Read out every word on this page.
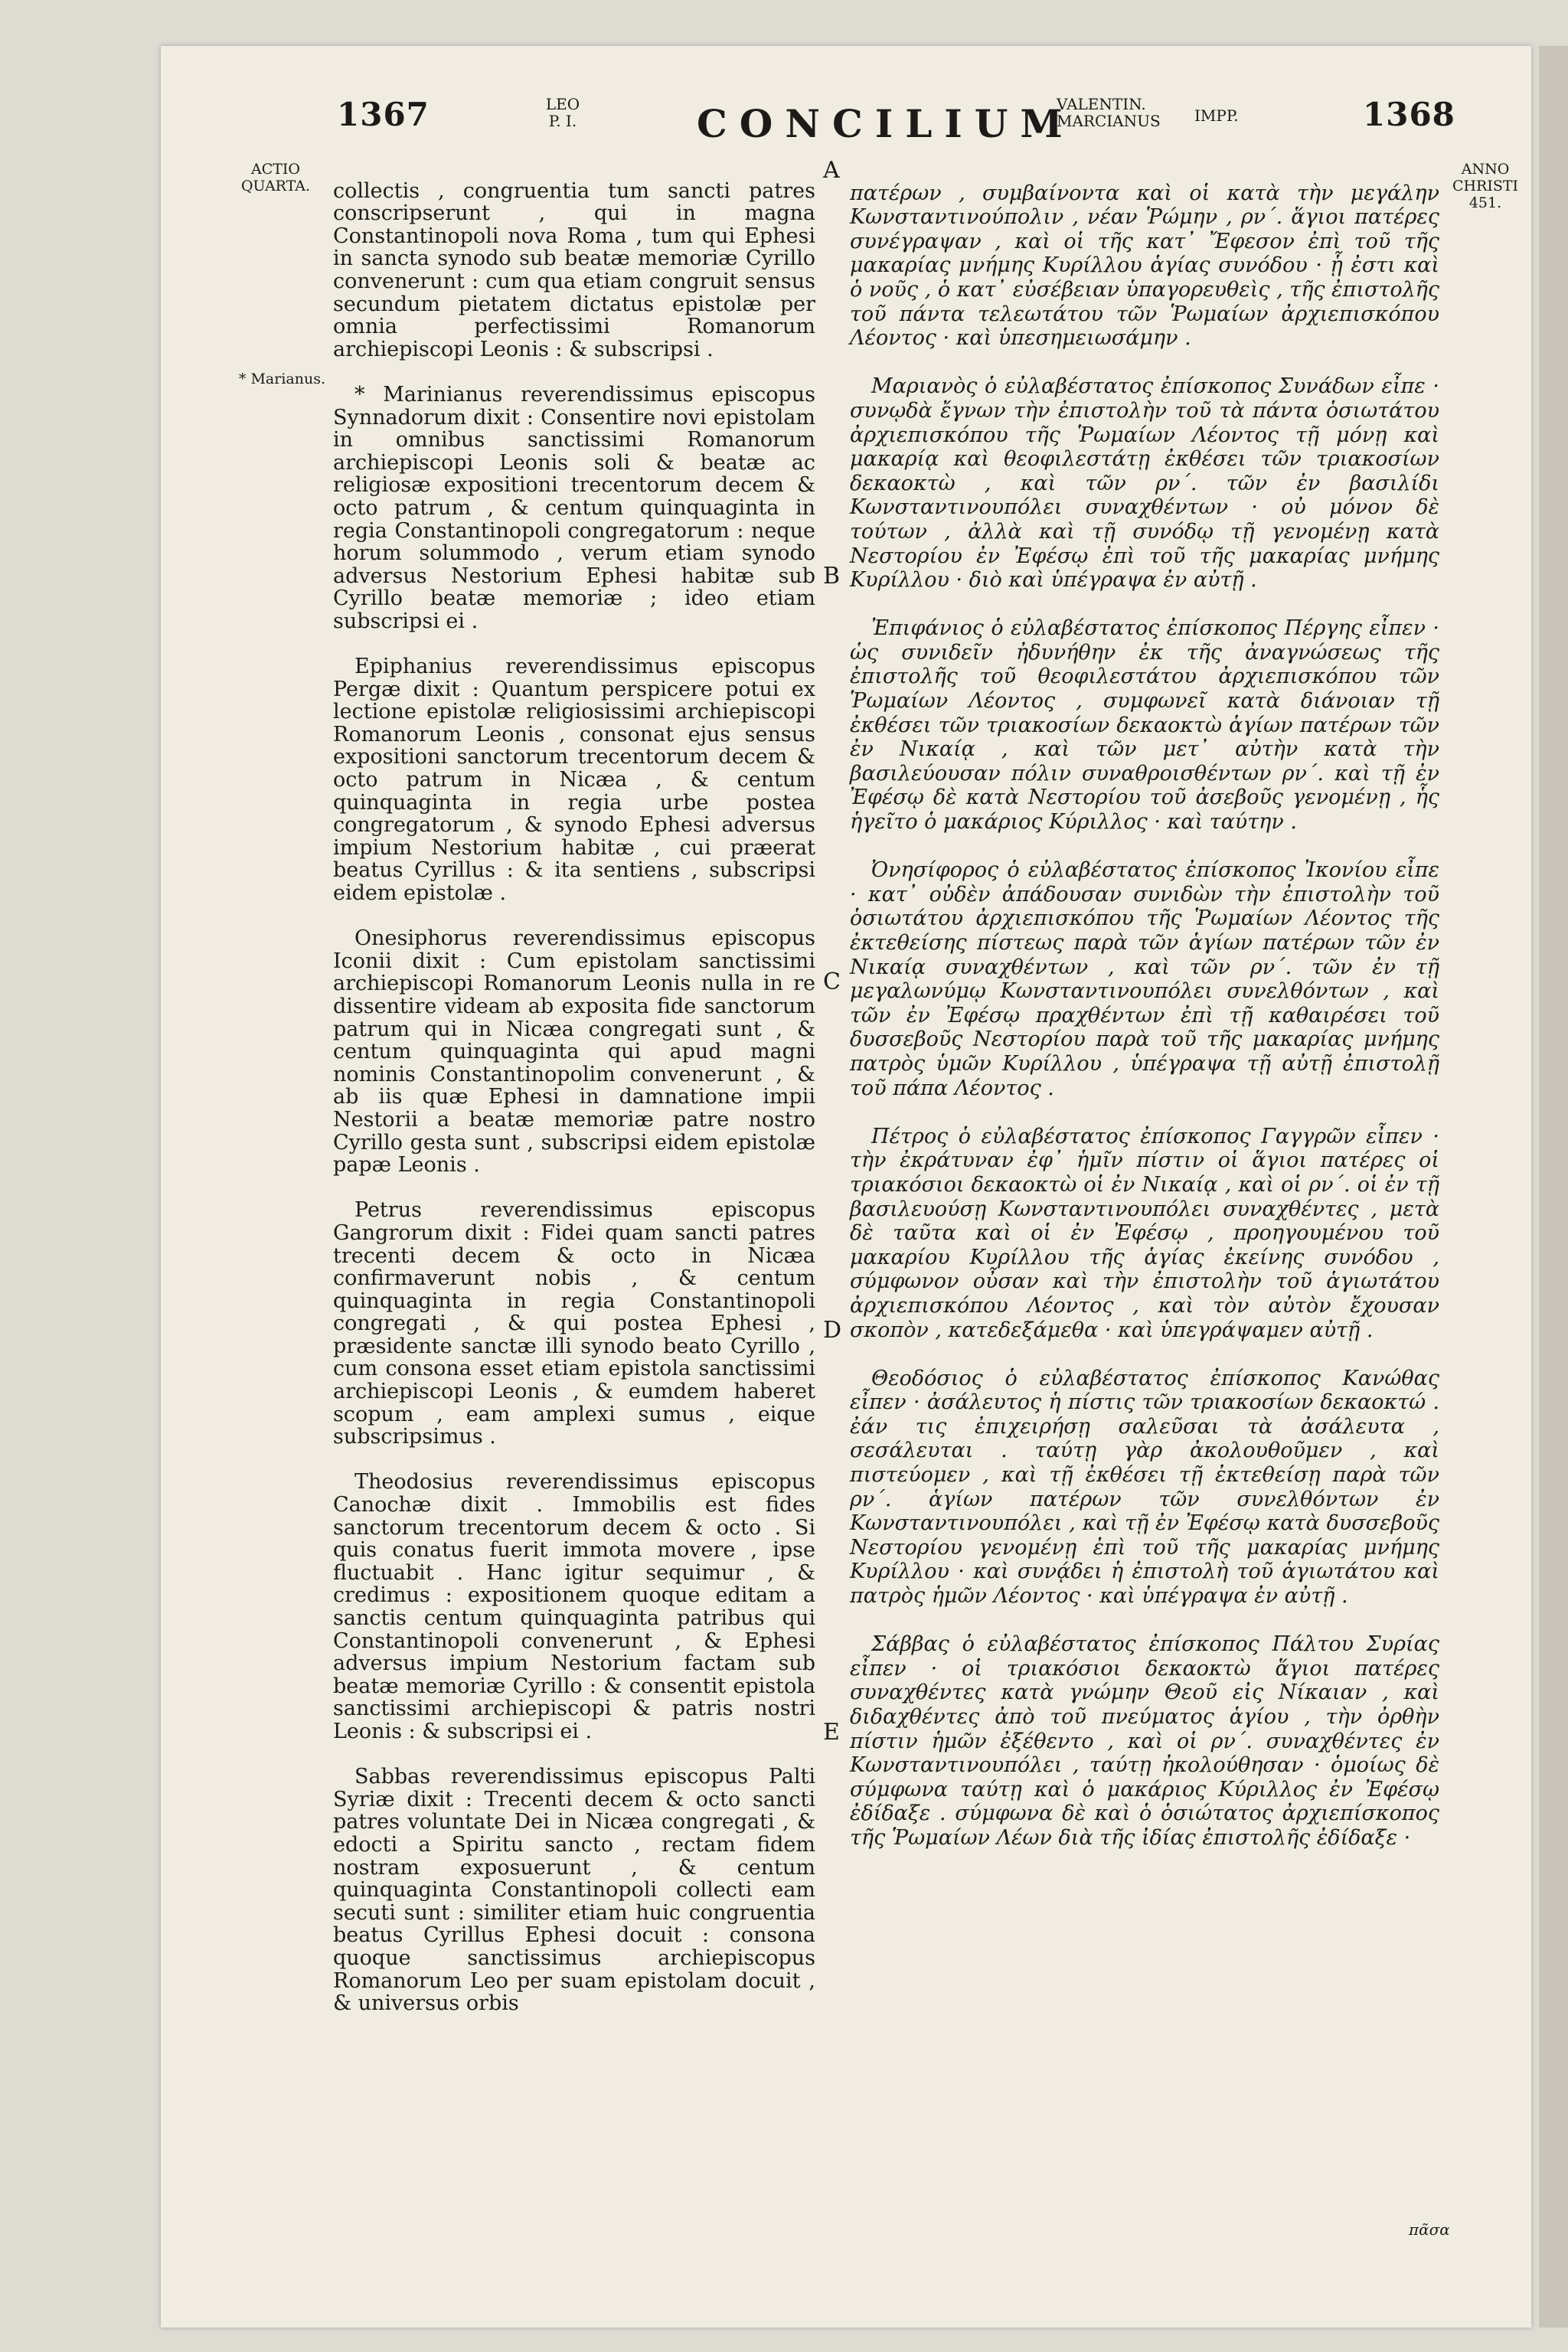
1367	LEO
P. I.	CONCILIUM
VALENTIN.
MARCIANUS	IMPP.	1368
ACTIO
QUARTA.
* Marianus.
ANNO
CHRISTI
451.
A
B
C
D
E

collectis , congruentia tum sancti patres conscripserunt , qui in magna Constantinopoli nova Roma , tum qui Ephesi in sancta synodo sub beatæ memoriæ Cyrillo convenerunt : cum qua etiam congruit sensus secundum pietatem dictatus epistolæ per omnia perfectissimi Romanorum archiepiscopi Leonis : & subscripsi .

* Marinianus reverendissimus episcopus Synnadorum dixit : Consentire novi epistolam in omnibus sanctissimi Romanorum archiepiscopi Leonis soli & beatæ ac religiosæ expositioni trecentorum decem & octo patrum , & centum quinquaginta in regia Constantinopoli congregatorum : neque horum solummodo , verum etiam synodo adversus Nestorium Ephesi habitæ sub Cyrillo beatæ memoriæ ; ideo etiam subscripsi ei .

Epiphanius reverendissimus episcopus Pergæ dixit : Quantum perspicere potui ex lectione epistolæ religiosissimi archiepiscopi Romanorum Leonis , consonat ejus sensus expositioni sanctorum trecentorum decem & octo patrum in Nicæa , & centum quinquaginta in regia urbe postea congregatorum , & synodo Ephesi adversus impium Nestorium habitæ , cui præerat beatus Cyrillus : & ita sentiens , subscripsi eidem epistolæ .

Onesiphorus reverendissimus episcopus Iconii dixit : Cum epistolam sanctissimi archiepiscopi Romanorum Leonis nulla in re dissentire videam ab exposita fide sanctorum patrum qui in Nicæa congregati sunt , & centum quinquaginta qui apud magni nominis Constantinopolim convenerunt , & ab iis quæ Ephesi in damnatione impii Nestorii a beatæ memoriæ patre nostro Cyrillo gesta sunt , subscripsi eidem epistolæ papæ Leonis .

Petrus reverendissimus episcopus Gangrorum dixit : Fidei quam sancti patres trecenti decem & octo in Nicæa confirmaverunt nobis , & centum quinquaginta in regia Constantinopoli congregati , & qui postea Ephesi , præsidente sanctæ illi synodo beato Cyrillo , cum consona esset etiam epistola sanctissimi archiepiscopi Leonis , & eumdem haberet scopum , eam amplexi sumus , eique subscripsimus .

Theodosius reverendissimus episcopus Canochæ dixit . Immobilis est fides sanctorum trecentorum decem & octo . Si quis conatus fuerit immota movere , ipse fluctuabit . Hanc igitur sequimur , & credimus : expositionem quoque editam a sanctis centum quinquaginta patribus qui Constantinopoli convenerunt , & Ephesi adversus impium Nestorium factam sub beatæ memoriæ Cyrillo : & consentit epistola sanctissimi archiepiscopi & patris nostri Leonis : & subscripsi ei .

Sabbas reverendissimus episcopus Palti Syriæ dixit : Trecenti decem & octo sancti patres voluntate Dei in Nicæa congregati , & edocti a Spiritu sancto , rectam fidem nostram exposuerunt , & centum quinquaginta Constantinopoli collecti eam secuti sunt : similiter etiam huic congruentia beatus Cyrillus Ephesi docuit : consona quoque sanctissimus archiepiscopus Romanorum Leo per suam epistolam docuit , & universus orbis

πατέρων , συμβαίνοντα καὶ οἱ κατὰ τὴν μεγάλην Κωνσταντινούπολιν , νέαν Ῥώμην , ρν΄. ἅγιοι πατέρες συνέγραψαν , καὶ οἱ τῆς κατ᾽ Ἔφεσον ἐπὶ τοῦ τῆς μακαρίας μνήμης Κυρίλλου ἁγίας συνόδου · ᾗ ἐστι καὶ ὁ νοῦς , ὁ κατ᾽ εὐσέβειαν ὑπαγορευθεὶς , τῆς ἐπιστολῆς τοῦ πάντα τελεωτάτου τῶν Ῥωμαίων ἀρχιεπισκόπου Λέοντος · καὶ ὑπεσημειωσάμην .

Μαριανὸς ὁ εὐλαβέστατος ἐπίσκοπος Συνάδων εἶπε · συνῳδὰ ἔγνων τὴν ἐπιστολὴν τοῦ τὰ πάντα ὁσιωτάτου ἀρχιεπισκόπου τῆς Ῥωμαίων Λέοντος τῇ μόνῃ καὶ μακαρίᾳ καὶ θεοφιλεστάτῃ ἐκθέσει τῶν τριακοσίων δεκαοκτὼ , καὶ τῶν ρν΄. τῶν ἐν βασιλίδι Κωνσταντινουπόλει συναχθέντων · οὐ μόνον δὲ τούτων , ἀλλὰ καὶ τῇ συνόδῳ τῇ γενομένῃ κατὰ Νεστορίου ἐν Ἐφέσῳ ἐπὶ τοῦ τῆς μακαρίας μνήμης Κυρίλλου · διὸ καὶ ὑπέγραψα ἐν αὐτῇ .

Ἐπιφάνιος ὁ εὐλαβέστατος ἐπίσκοπος Πέργης εἶπεν · ὡς συνιδεῖν ἠδυνήθην ἐκ τῆς ἀναγνώσεως τῆς ἐπιστολῆς τοῦ θεοφιλεστάτου ἀρχιεπισκόπου τῶν Ῥωμαίων Λέοντος , συμφωνεῖ κατὰ διάνοιαν τῇ ἐκθέσει τῶν τριακοσίων δεκαοκτὼ ἁγίων πατέρων τῶν ἐν Νικαίᾳ , καὶ τῶν μετ᾽ αὐτὴν κατὰ τὴν βασιλεύουσαν πόλιν συναθροισθέντων ρν΄. καὶ τῇ ἐν Ἐφέσῳ δὲ κατὰ Νεστορίου τοῦ ἀσεβοῦς γενομένῃ , ἧς ἡγεῖτο ὁ μακάριος Κύριλλος · καὶ ταύτην .

Ὀνησίφορος ὁ εὐλαβέστατος ἐπίσκοπος Ἰκονίου εἶπε · κατ᾽ οὐδὲν ἀπάδουσαν συνιδὼν τὴν ἐπιστολὴν τοῦ ὁσιωτάτου ἀρχιεπισκόπου τῆς Ῥωμαίων Λέοντος τῆς ἐκτεθείσης πίστεως παρὰ τῶν ἁγίων πατέρων τῶν ἐν Νικαίᾳ συναχθέντων , καὶ τῶν ρν΄. τῶν ἐν τῇ μεγαλωνύμῳ Κωνσταντινουπόλει συνελθόντων , καὶ τῶν ἐν Ἐφέσῳ πραχθέντων ἐπὶ τῇ καθαιρέσει τοῦ δυσσεβοῦς Νεστορίου παρὰ τοῦ τῆς μακαρίας μνήμης πατρὸς ὑμῶν Κυρίλλου , ὑπέγραψα τῇ αὐτῇ ἐπιστολῇ τοῦ πάπα Λέοντος .

Πέτρος ὁ εὐλαβέστατος ἐπίσκοπος Γαγγρῶν εἶπεν · τὴν ἐκράτυναν ἐφ᾽ ἡμῖν πίστιν οἱ ἅγιοι πατέρες οἱ τριακόσιοι δεκαοκτὼ οἱ ἐν Νικαίᾳ , καὶ οἱ ρν΄. οἱ ἐν τῇ βασιλευούσῃ Κωνσταντινουπόλει συναχθέντες , μετὰ δὲ ταῦτα καὶ οἱ ἐν Ἐφέσῳ , προηγουμένου τοῦ μακαρίου Κυρίλλου τῆς ἁγίας ἐκείνης συνόδου , σύμφωνον οὖσαν καὶ τὴν ἐπιστολὴν τοῦ ἁγιωτάτου ἀρχιεπισκόπου Λέοντος , καὶ τὸν αὐτὸν ἔχουσαν σκοπὸν , κατεδεξάμεθα · καὶ ὑπεγράψαμεν αὐτῇ .

Θεοδόσιος ὁ εὐλαβέστατος ἐπίσκοπος Κανώθας εἶπεν · ἀσάλευτος ἡ πίστις τῶν τριακοσίων δεκαοκτώ . ἐάν τις ἐπιχειρήσῃ σαλεῦσαι τὰ ἀσάλευτα , σεσάλευται . ταύτῃ γὰρ ἀκολουθοῦμεν , καὶ πιστεύομεν , καὶ τῇ ἐκθέσει τῇ ἐκτεθείσῃ παρὰ τῶν ρν΄. ἁγίων πατέρων τῶν συνελθόντων ἐν Κωνσταντινουπόλει , καὶ τῇ ἐν Ἐφέσῳ κατὰ δυσσεβοῦς Νεστορίου γενομένῃ ἐπὶ τοῦ τῆς μακαρίας μνήμης Κυρίλλου · καὶ συνᾴδει ἡ ἐπιστολὴ τοῦ ἁγιωτάτου καὶ πατρὸς ἡμῶν Λέοντος · καὶ ὑπέγραψα ἐν αὐτῇ .

Σάββας ὁ εὐλαβέστατος ἐπίσκοπος Πάλτου Συρίας εἶπεν · οἱ τριακόσιοι δεκαοκτὼ ἅγιοι πατέρες συναχθέντες κατὰ γνώμην Θεοῦ εἰς Νίκαιαν , καὶ διδαχθέντες ἀπὸ τοῦ πνεύματος ἁγίου , τὴν ὀρθὴν πίστιν ἡμῶν ἐξέθεντο , καὶ οἱ ρν΄. συναχθέντες ἐν Κωνσταντινουπόλει , ταύτῃ ἠκολούθησαν · ὁμοίως δὲ σύμφωνα ταύτῃ καὶ ὁ μακάριος Κύριλλος ἐν Ἐφέσῳ ἐδίδαξε . σύμφωνα δὲ καὶ ὁ ὁσιώτατος ἀρχιεπίσκοπος τῆς Ῥωμαίων Λέων διὰ τῆς ἰδίας ἐπιστολῆς ἐδίδαξε ·

πᾶσα
